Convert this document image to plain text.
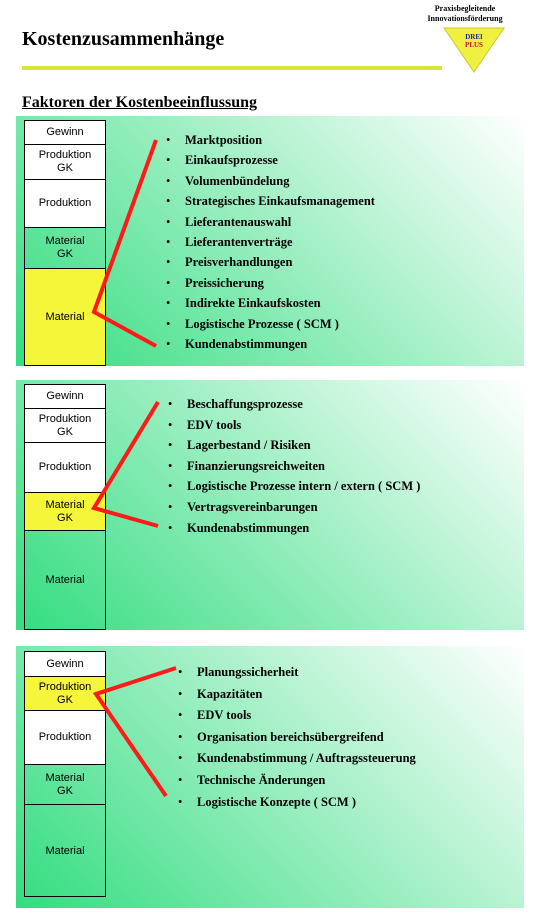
Kostenzusammenhänge
Praxisbegleitende
Innovationsförderung
DREI
PLUS
Faktoren der Kostenbeeinflussung
Gewinn
Produktion
GK
Produktion
Material
GK
Material
• Marktposition
• Einkaufsprozesse
• Volumenbündelung
• Strategisches Einkaufsmanagement
• Lieferantenauswahl
• Lieferantenverträge
• Preisverhandlungen
• Preissicherung
• Indirekte Einkaufskosten
• Logistische Prozesse ( SCM )
• Kundenabstimmungen
Gewinn
Produktion
GK
Produktion
Material
GK
Material
• Beschaffungsprozesse
• EDV tools
• Lagerbestand / Risiken
• Finanzierungsreichweiten
• Logistische Prozesse intern / extern ( SCM )
• Vertragsvereinbarungen
• Kundenabstimmungen
Gewinn
Produktion
GK
Produktion
Material
GK
Material
• Planungssicherheit
• Kapazitäten
• EDV tools
• Organisation bereichsübergreifend
• Kundenabstimmung / Auftragssteuerung
• Technische Änderungen
• Logistische Konzepte ( SCM )
